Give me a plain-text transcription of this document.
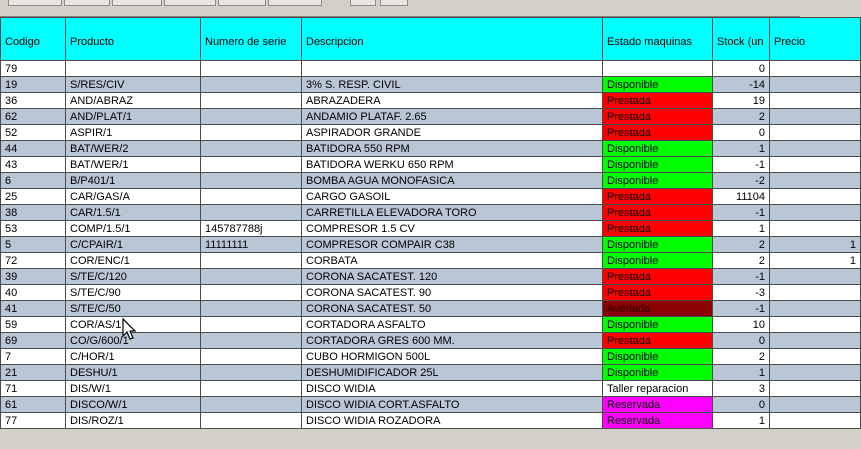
Codigo	Producto	Numero de serie	Descripcion	Estado maquinas	Stock (un	Precio
79					0	
19	S/RES/CIV		3% S. RESP. CIVIL	Disponible	-14	
36	AND/ABRAZ		ABRAZADERA	Prestada	19	
62	AND/PLAT/1		ANDAMIO PLATAF. 2.65	Prestada	2	
52	ASPIR/1		ASPIRADOR GRANDE	Prestada	0	
44	BAT/WER/2		BATIDORA 550 RPM	Disponible	1	
43	BAT/WER/1		BATIDORA WERKU 650 RPM	Disponible	-1	
6	B/P401/1		BOMBA AGUA MONOFASICA	Disponible	-2	
25	CAR/GAS/A		CARGO GASOIL	Prestada	11104	
38	CAR/1.5/1		CARRETILLA ELEVADORA TORO	Prestada	-1	
53	COMP/1.5/1	145787788j	COMPRESOR 1.5 CV	Prestada	1	
5	C/CPAIR/1	11111111	COMPRESOR COMPAIR C38	Disponible	2	1
72	COR/ENC/1		CORBATA	Disponible	2	1
39	S/TE/C/120		CORONA SACATEST. 120	Prestada	-1	
40	S/TE/C/90		CORONA SACATEST. 90	Prestada	-3	
41	S/TE/C/50		CORONA SACATEST. 50	Averiada	-1	
59	COR/AS/1		CORTADORA ASFALTO	Disponible	10	
69	CO/G/600/1		CORTADORA GRES 600 MM.	Prestada	0	
7	C/HOR/1		CUBO HORMIGON 500L	Disponible	2	
21	DESHU/1		DESHUMIDIFICADOR 25L	Disponible	1	
71	DIS/W/1		DISCO WIDIA	Taller reparacion	3	
61	DISCO/W/1		DISCO WIDIA CORT.ASFALTO	Reservada	0	
77	DIS/ROZ/1		DISCO WIDIA ROZADORA	Reservada	1	
